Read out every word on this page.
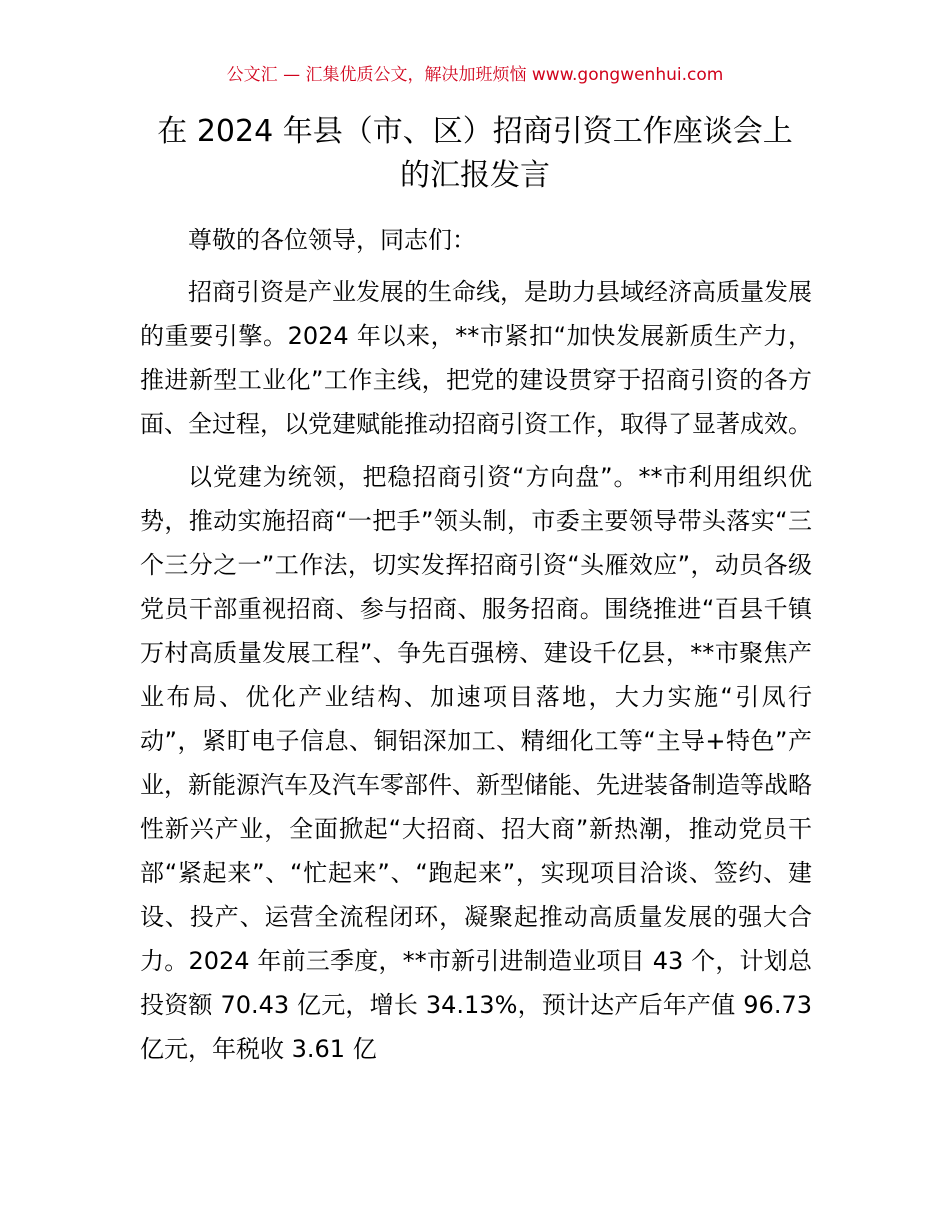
公文汇 — 汇集优质公文，解决加班烦恼 www.gongwenhui.com
在 2024 年县（市、区）招商引资工作座谈会上
的汇报发言

尊敬的各位领导，同志们：

招商引资是产业发展的生命线，是助力县域经济高质量发展的重要引擎。2024 年以来，**市紧扣“加快发展新质生产力，推进新型工业化”工作主线，把党的建设贯穿于招商引资的各方面、全过程，以党建赋能推动招商引资工作，取得了显著成效。

以党建为统领，把稳招商引资“方向盘”。**市利用组织优势，推动实施招商“一把手”领头制，市委主要领导带头落实“三个三分之一”工作法，切实发挥招商引资“头雁效应”，动员各级党员干部重视招商、参与招商、服务招商。围绕推进“百县千镇万村高质量发展工程”、争先百强榜、建设千亿县，**市聚焦产业布局、优化产业结构、加速项目落地，大力实施“引凤行动”，紧盯电子信息、铜铝深加工、精细化工等“主导+特色”产业，新能源汽车及汽车零部件、新型储能、先进装备制造等战略性新兴产业，全面掀起“大招商、招大商”新热潮，推动党员干部“紧起来”、“忙起来”、“跑起来”，实现项目洽谈、签约、建设、投产、运营全流程闭环，凝聚起推动高质量发展的强大合力。2024 年前三季度，**市新引进制造业项目 43 个，计划总投资额 70.43 亿元，增长 34.13%，预计达产后年产值 96.73 亿元，年税收 3.61 亿
